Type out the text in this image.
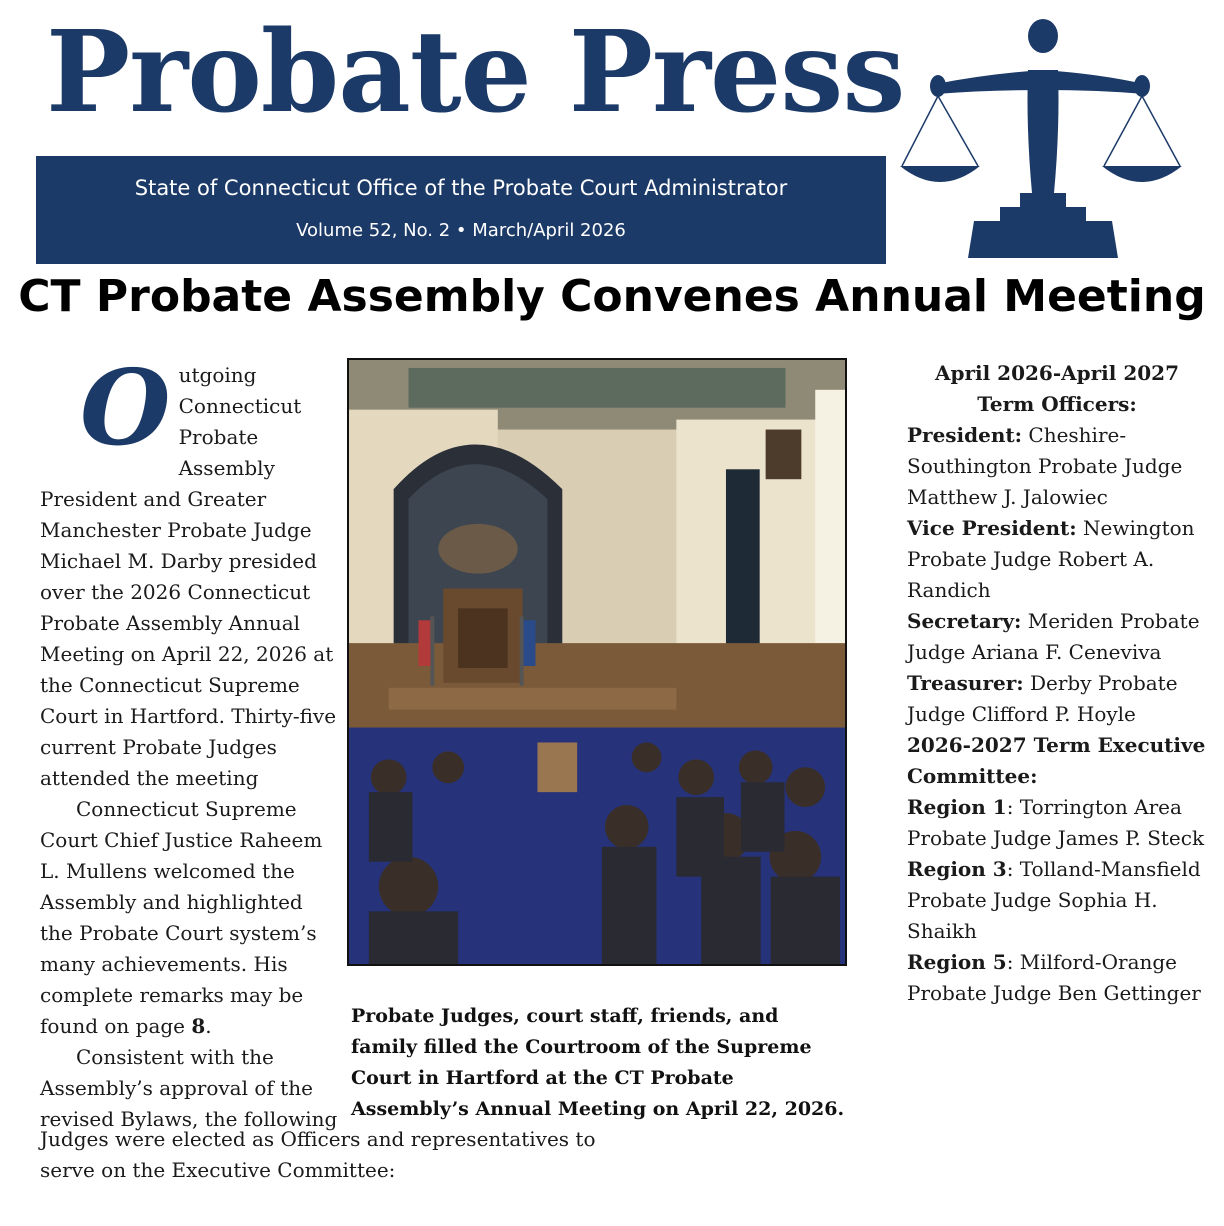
Probate Press
State of Connecticut Office of the Probate Court Administrator
Volume 52, No. 2 • March/April 2026
CT Probate Assembly Convenes Annual Meeting

Outgoing Connecticut Probate Assembly President and Greater Manchester Probate Judge Michael M. Darby presided over the 2026 Connecticut Probate Assembly Annual Meeting on April 22, 2026 at the Connecticut Supreme Court in Hartford. Thirty-five current Probate Judges attended the meeting

Connecticut Supreme Court Chief Justice Raheem L. Mullens welcomed the Assembly and highlighted the Probate Court system’s many achievements. His complete remarks may be found on page 8.

Consistent with the Assembly’s approval of the revised Bylaws, the following

Judges were elected as Officers and representatives to serve on the Executive Committee:

Probate Judges, court staff, friends, and family filled the Courtroom of the Supreme Court in Hartford at the CT Probate Assembly’s Annual Meeting on April 22, 2026.

April 2026-April 2027

Term Officers:

President: Cheshire-Southington Probate Judge Matthew J. Jalowiec

Vice President: Newington Probate Judge Robert A. Randich

Secretary: Meriden Probate Judge Ariana F. Ceneviva

Treasurer: Derby Probate Judge Clifford P. Hoyle

2026-2027 Term Executive Committee:

Region 1: Torrington Area Probate Judge James P. Steck

Region 3: Tolland-Mansfield Probate Judge Sophia H. Shaikh

Region 5: Milford-Orange Probate Judge Ben Gettinger
